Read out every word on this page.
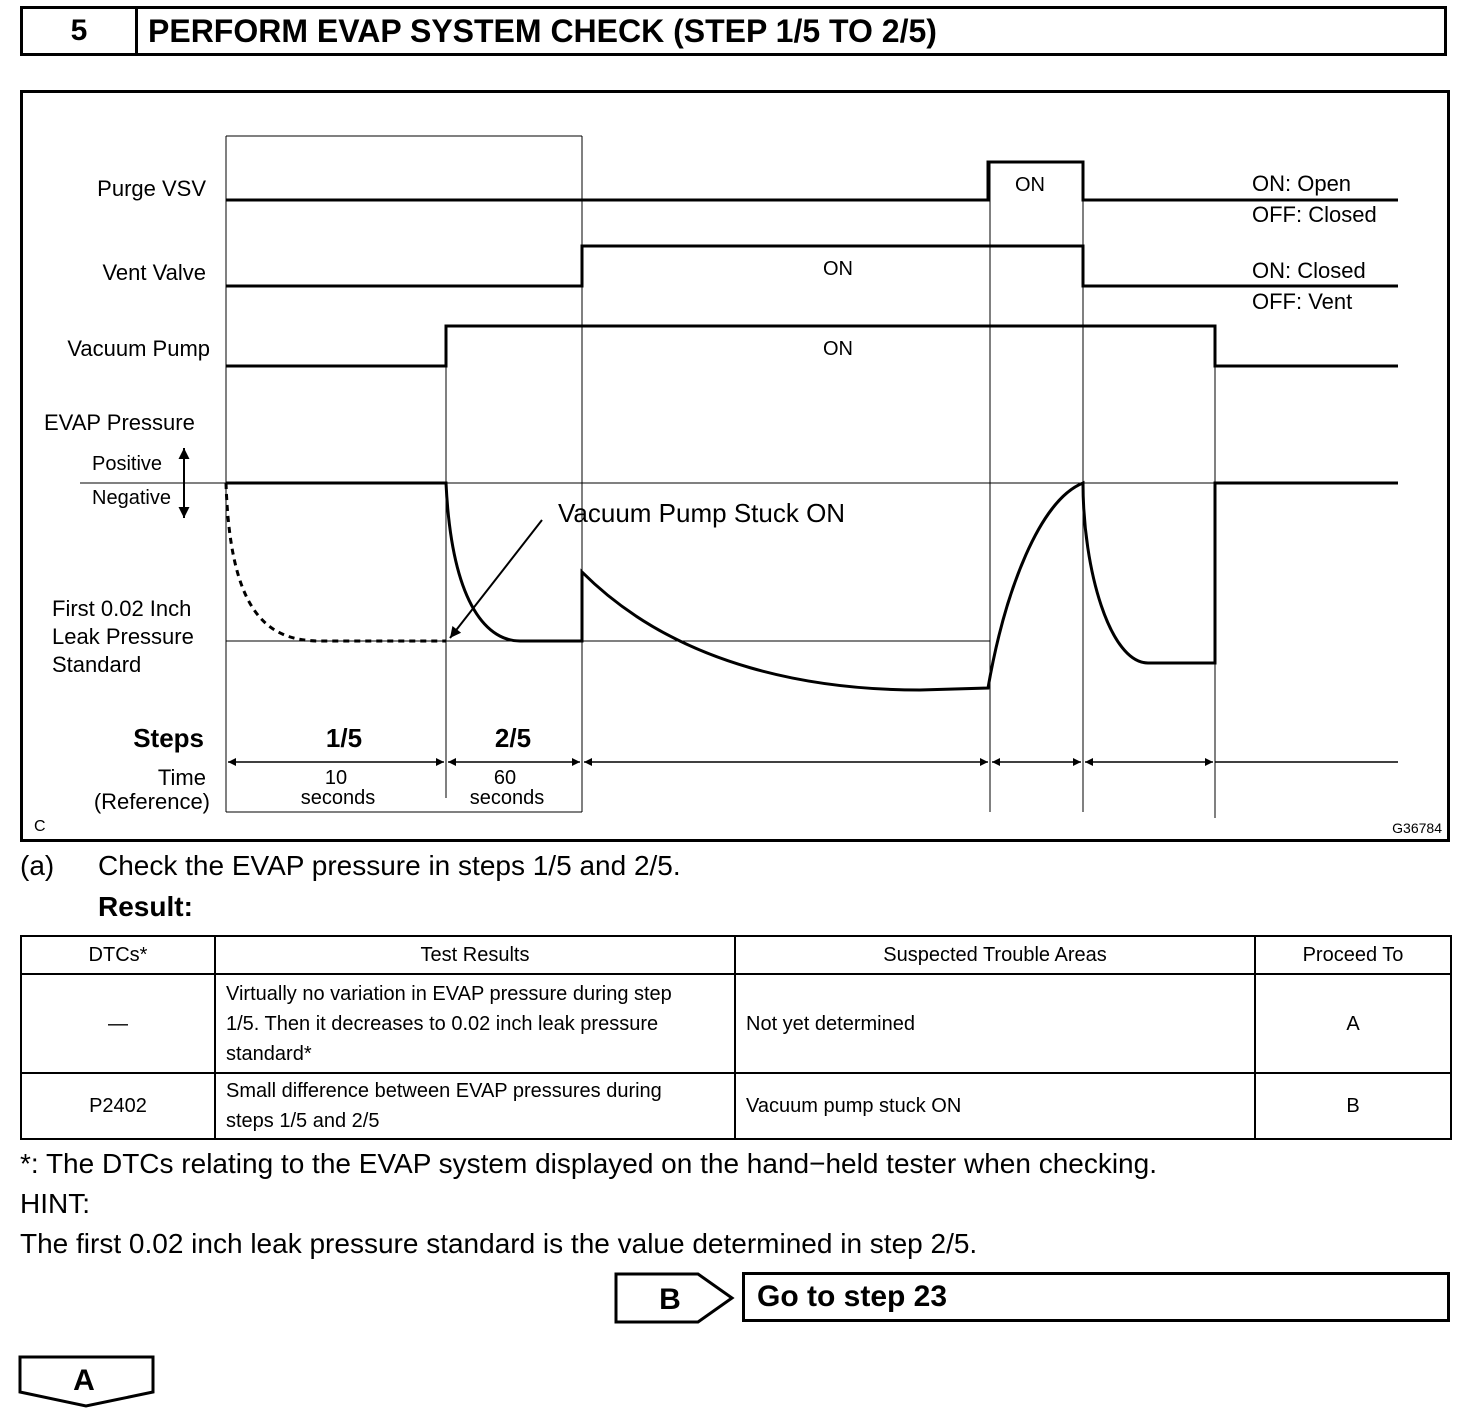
5	PERFORM EVAP SYSTEM CHECK (STEP 1/5 TO 2/5)
Purge VSV
Vent Valve
Vacuum Pump
ON
ON
ON
ON: Open
OFF: Closed
ON: Closed
OFF: Vent
EVAP Pressure
Positive
Negative
First 0.02 Inch
Leak Pressure
Standard
Vacuum Pump Stuck ON
Steps	1/5	2/5
Time
(Reference)
10
seconds
60
seconds
C	G36784
(a) Check the EVAP pressure in steps 1/5 and 2/5.
Result:
DTCs*	Test Results	Suspected Trouble Areas	Proceed To
—	Virtually no variation in EVAP pressure during step
1/5. Then it decreases to 0.02 inch leak pressure
standard*	Not yet determined	A
P2402	Small difference between EVAP pressures during
steps 1/5 and 2/5	Vacuum pump stuck ON	B
*: The DTCs relating to the EVAP system displayed on the hand−held tester when checking.
HINT:
The first 0.02 inch leak pressure standard is the value determined in step 2/5.
B	Go to step 23
A
